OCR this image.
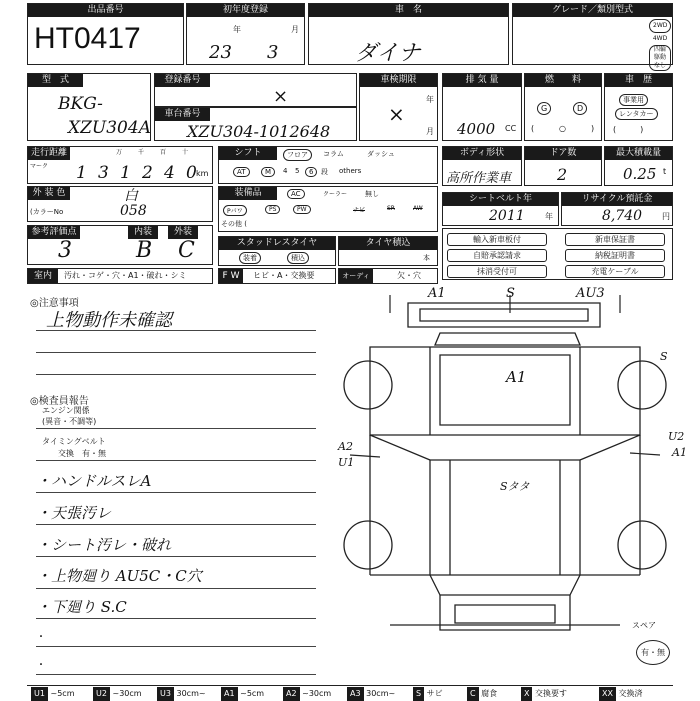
出品番号
HT0417
初年度登録
年	月
23 3
車　名
ダイナ
グレード／類別型式
2WD
4WD
四輪駆動なし
型　式
BKG-
XZU304A
登録番号
×
車台番号
XZU304-1012648
車検期限
年
月
×
排 気 量
4000 CC
燃　　料
G	D
(	○	)
車　歴
事業用
レンタカー
(　　　)
走行距離
マーク
万	千	百	十
1 3 1 2 4 0 km
シフト	フロア	コラム	ダッシュ
AT	M	4 5	6	段 others
ボディ形状
高所作業車
ドア数
2
最大積載量
0.25 t
外 装 色	白
(カラーNo	058
装備品	AC	クーラー	無し
Pパワ	PS	PW	ナビ	SR	AW
その他 (
シートベルト年
2011	年
リサイクル預託金
8,740 円
参考評価点	内装	外装
3	B C	スタッドレスタイヤ
装着	積込
タイヤ積込
本
輸入新車板付
自賠承認請求
抹消受付可
新車保証書
納税証明書
充電ケーブル
室内	汚れ・コゲ・穴・A1・破れ・シミ	F W	ヒビ・A・交換要	オーディオ
欠・穴
◎注意事項
上物動作未確認
◎検査員報告
エンジン関係
(異音・不調等)
タイミングベルト
交換　有・無
・ハンドルスレA
・天張汚レ
・シート汚レ・破れ
・上物廻り AU5C・C穴
・下廻り S.C
・
・
A1	S	AU3
A1
S
A2
U1
Sタタ
U2
A1
スペア
有・無
U1 ~5cm	U2 ~30cm	U3 30cm~	A1 ~5cm	A2 ~30cm	A3 30cm~	S サビ	C 腐食	X 交換要す	XX 交換済
